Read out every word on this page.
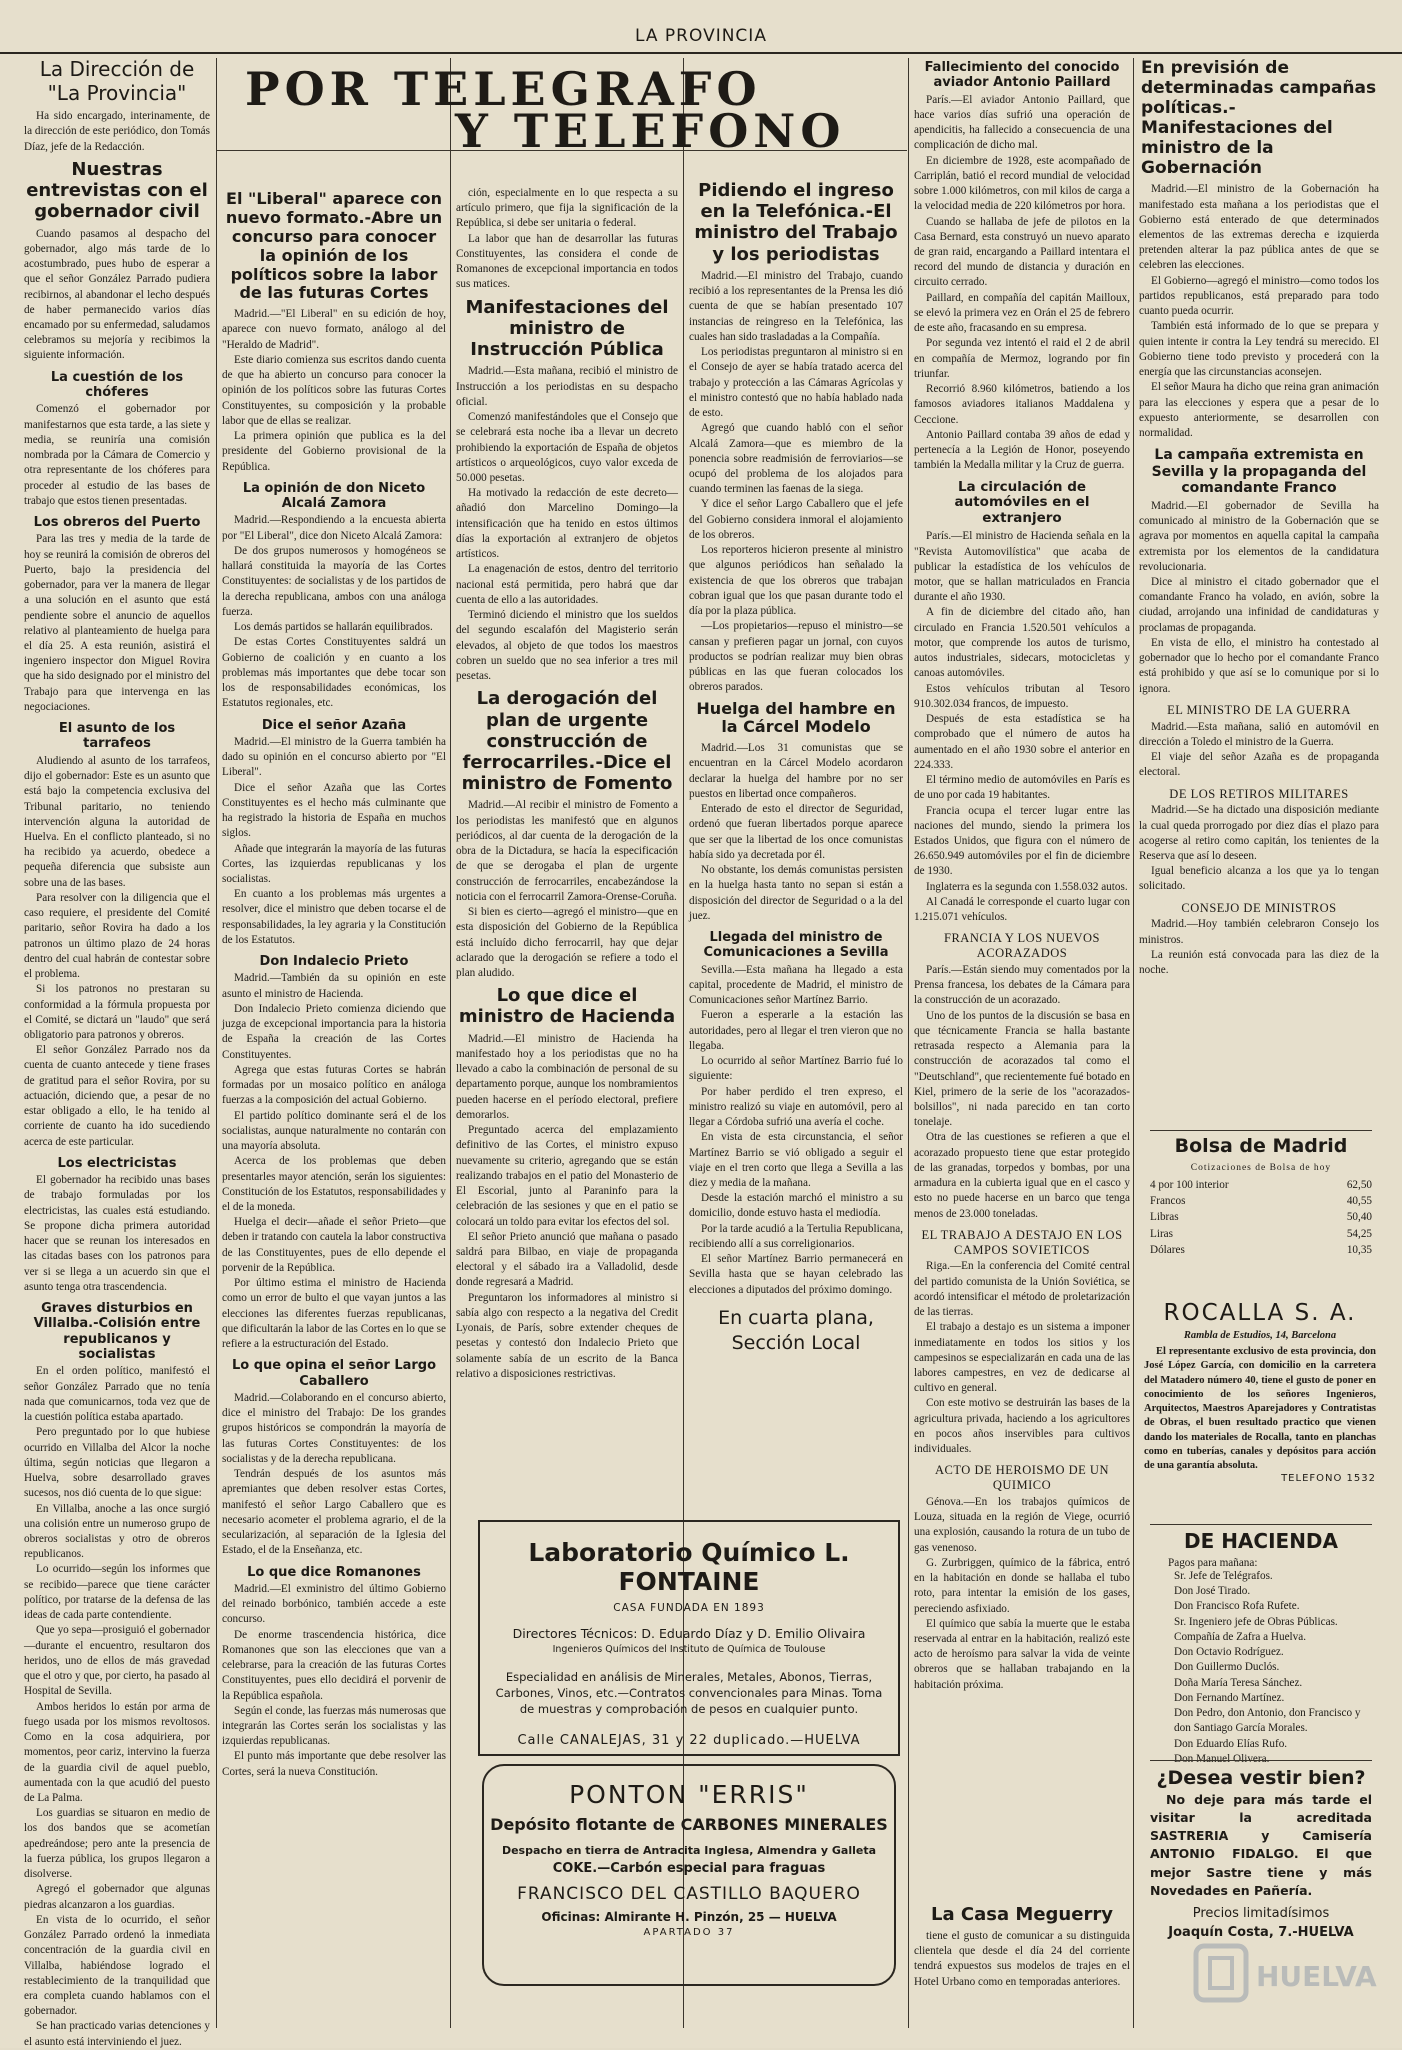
LA PROVINCIA
La Dirección de "La Provincia"

Ha sido encargado, interinamente, de la dirección de este periódico, don Tomás Díaz, jefe de la Redacción.

Nuestras entrevistas con el gobernador civil

Cuando pasamos al despacho del gobernador, algo más tarde de lo acostumbrado, pues hubo de esperar a que el señor González Parrado pudiera recibirnos, al abandonar el lecho después de haber permanecido varios días encamado por su enfermedad, saludamos celebramos su mejoría y recibimos la siguiente información.

La cuestión de los chóferes

Comenzó el gobernador por manifestarnos que esta tarde, a las siete y media, se reuniría una comisión nombrada por la Cámara de Comercio y otra representante de los chóferes para proceder al estudio de las bases de trabajo que estos tienen presentadas.

Los obreros del Puerto

Para las tres y media de la tarde de hoy se reunirá la comisión de obreros del Puerto, bajo la presidencia del gobernador, para ver la manera de llegar a una solución en el asunto que está pendiente sobre el anuncio de aquellos relativo al planteamiento de huelga para el día 25. A esta reunión, asistirá el ingeniero inspector don Miguel Rovira que ha sido designado por el ministro del Trabajo para que intervenga en las negociaciones.

El asunto de los tarrafeos

Aludiendo al asunto de los tarrafeos, dijo el gobernador: Este es un asunto que está bajo la competencia exclusiva del Tribunal paritario, no teniendo intervención alguna la autoridad de Huelva. En el conflicto planteado, si no ha recibido ya acuerdo, obedece a pequeña diferencia que subsiste aun sobre una de las bases.

Para resolver con la diligencia que el caso requiere, el presidente del Comité paritario, señor Rovira ha dado a los patronos un último plazo de 24 horas dentro del cual habrán de contestar sobre el problema.

Si los patronos no prestaran su conformidad a la fórmula propuesta por el Comité, se dictará un "laudo" que será obligatorio para patronos y obreros.

El señor González Parrado nos da cuenta de cuanto antecede y tiene frases de gratitud para el señor Rovira, por su actuación, diciendo que, a pesar de no estar obligado a ello, le ha tenido al corriente de cuanto ha ido sucediendo acerca de este particular.

Los electricistas

El gobernador ha recibido unas bases de trabajo formuladas por los electricistas, las cuales está estudiando. Se propone dicha primera autoridad hacer que se reunan los interesados en las citadas bases con los patronos para ver si se llega a un acuerdo sin que el asunto tenga otra trascendencia.

Graves disturbios en Villalba.-Colisión entre republicanos y socialistas

En el orden político, manifestó el señor González Parrado que no tenía nada que comunicarnos, toda vez que de la cuestión política estaba apartado.

Pero preguntado por lo que hubiese ocurrido en Villalba del Alcor la noche última, según noticias que llegaron a Huelva, sobre desarrollado graves sucesos, nos dió cuenta de lo que sigue:

En Villalba, anoche a las once surgió una colisión entre un numeroso grupo de obreros socialistas y otro de obreros republicanos.

Lo ocurrido—según los informes que se recibido—parece que tiene carácter político, por tratarse de la defensa de las ideas de cada parte contendiente.

Que yo sepa—prosiguió el gobernador—durante el encuentro, resultaron dos heridos, uno de ellos de más gravedad que el otro y que, por cierto, ha pasado al Hospital de Sevilla.

Ambos heridos lo están por arma de fuego usada por los mismos revoltosos. Como en la cosa adquiriera, por momentos, peor cariz, intervino la fuerza de la guardia civil de aquel pueblo, aumentada con la que acudió del puesto de La Palma.

Los guardias se situaron en medio de los dos bandos que se acometían apedreándose; pero ante la presencia de la fuerza pública, los grupos llegaron a disolverse.

Agregó el gobernador que algunas piedras alcanzaron a los guardias.

En vista de lo ocurrido, el señor González Parrado ordenó la inmediata concentración de la guardia civil en Villalba, habiéndose logrado el restablecimiento de la tranquilidad que era completa cuando hablamos con el gobernador.

Se han practicado varias detenciones y el asunto está interviniendo el juez.

POR TELEGRAFO
Y TELEFONO
El "Liberal" aparece con nuevo formato.-Abre un concurso para conocer la opinión de los políticos sobre la labor de las futuras Cortes

Madrid.—"El Liberal" en su edición de hoy, aparece con nuevo formato, análogo al del "Heraldo de Madrid".

Este diario comienza sus escritos dando cuenta de que ha abierto un concurso para conocer la opinión de los políticos sobre las futuras Cortes Constituyentes, su composición y la probable labor que de ellas se realizar.

La primera opinión que publica es la del presidente del Gobierno provisional de la República.

La opinión de don Niceto Alcalá Zamora

Madrid.—Respondiendo a la encuesta abierta por "El Liberal", dice don Niceto Alcalá Zamora:

De dos grupos numerosos y homogéneos se hallará constituida la mayoría de las Cortes Constituyentes: de socialistas y de los partidos de la derecha republicana, ambos con una análoga fuerza.

Los demás partidos se hallarán equilibrados.

De estas Cortes Constituyentes saldrá un Gobierno de coalición y en cuanto a los problemas más importantes que debe tocar son los de responsabilidades económicas, los Estatutos regionales, etc.

Dice el señor Azaña

Madrid.—El ministro de la Guerra también ha dado su opinión en el concurso abierto por "El Liberal".

Dice el señor Azaña que las Cortes Constituyentes es el hecho más culminante que ha registrado la historia de España en muchos siglos.

Añade que integrarán la mayoría de las futuras Cortes, las izquierdas republicanas y los socialistas.

En cuanto a los problemas más urgentes a resolver, dice el ministro que deben tocarse el de responsabilidades, la ley agraria y la Constitución de los Estatutos.

Don Indalecio Prieto

Madrid.—También da su opinión en este asunto el ministro de Hacienda.

Don Indalecio Prieto comienza diciendo que juzga de excepcional importancia para la historia de España la creación de las Cortes Constituyentes.

Agrega que estas futuras Cortes se habrán formadas por un mosaico político en análoga fuerzas a la composición del actual Gobierno.

El partido político dominante será el de los socialistas, aunque naturalmente no contarán con una mayoría absoluta.

Acerca de los problemas que deben presentarles mayor atención, serán los siguientes: Constitución de los Estatutos, responsabilidades y el de la moneda.

Huelga el decir—añade el señor Prieto—que deben ir tratando con cautela la labor constructiva de las Constituyentes, pues de ello depende el porvenir de la República.

Por último estima el ministro de Hacienda como un error de bulto el que vayan juntos a las elecciones las diferentes fuerzas republicanas, que dificultarán la labor de las Cortes en lo que se refiere a la estructuración del Estado.

Lo que opina el señor Largo Caballero

Madrid.—Colaborando en el concurso abierto, dice el ministro del Trabajo: De los grandes grupos históricos se compondrán la mayoría de las futuras Cortes Constituyentes: de los socialistas y de la derecha republicana.

Tendrán después de los asuntos más apremiantes que deben resolver estas Cortes, manifestó el señor Largo Caballero que es necesario acometer el problema agrario, el de la secularización, al separación de la Iglesia del Estado, el de la Enseñanza, etc.

Lo que dice Romanones

Madrid.—El exministro del último Gobierno del reinado borbónico, también accede a este concurso.

De enorme trascendencia histórica, dice Romanones que son las elecciones que van a celebrarse, para la creación de las futuras Cortes Constituyentes, pues ello decidirá el porvenir de la República española.

Según el conde, las fuerzas más numerosas que integrarán las Cortes serán los socialistas y las izquierdas republicanas.

El punto más importante que debe resolver las Cortes, será la nueva Constitución.

ción, especialmente en lo que respecta a su artículo primero, que fija la significación de la República, si debe ser unitaria o federal.

La labor que han de desarrollar las futuras Constituyentes, las considera el conde de Romanones de excepcional importancia en todos sus matices.

Manifestaciones del ministro de Instrucción Pública

Madrid.—Esta mañana, recibió el ministro de Instrucción a los periodistas en su despacho oficial.

Comenzó manifestándoles que el Consejo que se celebrará esta noche iba a llevar un decreto prohibiendo la exportación de España de objetos artísticos o arqueológicos, cuyo valor exceda de 50.000 pesetas.

Ha motivado la redacción de este decreto—añadió don Marcelino Domingo—la intensificación que ha tenido en estos últimos días la exportación al extranjero de objetos artísticos.

La enagenación de estos, dentro del territorio nacional está permitida, pero habrá que dar cuenta de ello a las autoridades.

Terminó diciendo el ministro que los sueldos del segundo escalafón del Magisterio serán elevados, al objeto de que todos los maestros cobren un sueldo que no sea inferior a tres mil pesetas.

La derogación del plan de urgente construcción de ferrocarriles.-Dice el ministro de Fomento

Madrid.—Al recibir el ministro de Fomento a los periodistas les manifestó que en algunos periódicos, al dar cuenta de la derogación de la obra de la Dictadura, se hacía la especificación de que se derogaba el plan de urgente construcción de ferrocarriles, encabezándose la noticia con el ferrocarril Zamora-Orense-Coruña.

Si bien es cierto—agregó el ministro—que en esta disposición del Gobierno de la República está incluído dicho ferrocarril, hay que dejar aclarado que la derogación se refiere a todo el plan aludido.

Lo que dice el ministro de Hacienda

Madrid.—El ministro de Hacienda ha manifestado hoy a los periodistas que no ha llevado a cabo la combinación de personal de su departamento porque, aunque los nombramientos pueden hacerse en el período electoral, prefiere demorarlos.

Preguntado acerca del emplazamiento definitivo de las Cortes, el ministro expuso nuevamente su criterio, agregando que se están realizando trabajos en el patio del Monasterio de El Escorial, junto al Paraninfo para la celebración de las sesiones y que en el patio se colocará un toldo para evitar los efectos del sol.

El señor Prieto anunció que mañana o pasado saldrá para Bilbao, en viaje de propaganda electoral y el sábado ira a Valladolid, desde donde regresará a Madrid.

Preguntaron los informadores al ministro si sabía algo con respecto a la negativa del Credit Lyonais, de París, sobre extender cheques de pesetas y contestó don Indalecio Prieto que solamente sabía de un escrito de la Banca relativo a disposiciones restrictivas.

Pidiendo el ingreso en la Telefónica.-El ministro del Trabajo y los periodistas

Madrid.—El ministro del Trabajo, cuando recibió a los representantes de la Prensa les dió cuenta de que se habían presentado 107 instancias de reingreso en la Telefónica, las cuales han sido trasladadas a la Compañía.

Los periodistas preguntaron al ministro si en el Consejo de ayer se había tratado acerca del trabajo y protección a las Cámaras Agrícolas y el ministro contestó que no había hablado nada de esto.

Agregó que cuando habló con el señor Alcalá Zamora—que es miembro de la ponencia sobre readmisión de ferroviarios—se ocupó del problema de los alojados para cuando terminen las faenas de la siega.

Y dice el señor Largo Caballero que el jefe del Gobierno considera inmoral el alojamiento de los obreros.

Los reporteros hicieron presente al ministro que algunos periódicos han señalado la existencia de que los obreros que trabajan cobran igual que los que pasan durante todo el día por la plaza pública.

—Los propietarios—repuso el ministro—se cansan y prefieren pagar un jornal, con cuyos productos se podrían realizar muy bien obras públicas en las que fueran colocados los obreros parados.

Huelga del hambre en la Cárcel Modelo

Madrid.—Los 31 comunistas que se encuentran en la Cárcel Modelo acordaron declarar la huelga del hambre por no ser puestos en libertad once compañeros.

Enterado de esto el director de Seguridad, ordenó que fueran libertados porque aparece que ser que la libertad de los once comunistas había sido ya decretada por él.

No obstante, los demás comunistas persisten en la huelga hasta tanto no sepan si están a disposición del director de Seguridad o a la del juez.

Llegada del ministro de Comunicaciones a Sevilla

Sevilla.—Esta mañana ha llegado a esta capital, procedente de Madrid, el ministro de Comunicaciones señor Martínez Barrio.

Fueron a esperarle a la estación las autoridades, pero al llegar el tren vieron que no llegaba.

Lo ocurrido al señor Martínez Barrio fué lo siguiente:

Por haber perdido el tren expreso, el ministro realizó su viaje en automóvil, pero al llegar a Córdoba sufrió una avería el coche.

En vista de esta circunstancia, el señor Martínez Barrio se vió obligado a seguir el viaje en el tren corto que llega a Sevilla a las diez y media de la mañana.

Desde la estación marchó el ministro a su domicilio, donde estuvo hasta el mediodía.

Por la tarde acudió a la Tertulia Republicana, recibiendo allí a sus correligionarios.

El señor Martínez Barrio permanecerá en Sevilla hasta que se hayan celebrado las elecciones a diputados del próximo domingo.

En cuarta plana, Sección Local
Laboratorio Químico L. FONTAINE
CASA FUNDADA EN 1893
Directores Técnicos: D. Eduardo Díaz y D. Emilio Olivaira
Ingenieros Químicos del Instituto de Química de Toulouse
Especialidad en análisis de Minerales, Metales, Abonos, Tierras, Carbones, Vinos, etc.—Contratos convencionales para Minas. Toma de muestras y comprobación de pesos en cualquier punto.
Calle CANALEJAS, 31 y 22 duplicado.—HUELVA
PONTON "ERRIS"
Depósito flotante de CARBONES MINERALES
Despacho en tierra de Antracita Inglesa, Almendra y Galleta
COKE.—Carbón especial para fraguas
FRANCISCO DEL CASTILLO BAQUERO
Oficinas: Almirante H. Pinzón, 25 — HUELVA
APARTADO 37
Fallecimiento del conocido aviador Antonio Paillard

París.—El aviador Antonio Paillard, que hace varios días sufrió una operación de apendicitis, ha fallecido a consecuencia de una complicación de dicho mal.

En diciembre de 1928, este acompañado de Carriplán, batió el record mundial de velocidad sobre 1.000 kilómetros, con mil kilos de carga a la velocidad media de 220 kilómetros por hora.

Cuando se hallaba de jefe de pilotos en la Casa Bernard, esta construyó un nuevo aparato de gran raid, encargando a Paillard intentara el record del mundo de distancia y duración en circuito cerrado.

Paillard, en compañía del capitán Mailloux, se elevó la primera vez en Orán el 25 de febrero de este año, fracasando en su empresa.

Por segunda vez intentó el raid el 2 de abril en compañía de Mermoz, logrando por fin triunfar.

Recorrió 8.960 kilómetros, batiendo a los famosos aviadores italianos Maddalena y Ceccione.

Antonio Paillard contaba 39 años de edad y pertenecía a la Legión de Honor, poseyendo también la Medalla militar y la Cruz de guerra.

La circulación de automóviles en el extranjero

París.—El ministro de Hacienda señala en la "Revista Automovilística" que acaba de publicar la estadística de los vehículos de motor, que se hallan matriculados en Francia durante el año 1930.

A fin de diciembre del citado año, han circulado en Francia 1.520.501 vehículos a motor, que comprende los autos de turismo, autos industriales, sidecars, motocicletas y canoas automóviles.

Estos vehículos tributan al Tesoro 910.302.034 francos, de impuesto.

Después de esta estadística se ha comprobado que el número de autos ha aumentado en el año 1930 sobre el anterior en 224.333.

El término medio de automóviles en París es de uno por cada 19 habitantes.

Francia ocupa el tercer lugar entre las naciones del mundo, siendo la primera los Estados Unidos, que figura con el número de 26.650.949 automóviles por el fin de diciembre de 1930.

Inglaterra es la segunda con 1.558.032 autos.

Al Canadá le corresponde el cuarto lugar con 1.215.071 vehículos.

FRANCIA Y LOS NUEVOS ACORAZADOS

París.—Están siendo muy comentados por la Prensa francesa, los debates de la Cámara para la construcción de un acorazado.

Uno de los puntos de la discusión se basa en que técnicamente Francia se halla bastante retrasada respecto a Alemania para la construcción de acorazados tal como el "Deutschland", que recientemente fué botado en Kiel, primero de la serie de los "acorazados-bolsillos", ni nada parecido en tan corto tonelaje.

Otra de las cuestiones se refieren a que el acorazado propuesto tiene que estar protegido de las granadas, torpedos y bombas, por una armadura en la cubierta igual que en el casco y esto no puede hacerse en un barco que tenga menos de 23.000 toneladas.

EL TRABAJO A DESTAJO EN LOS CAMPOS SOVIETICOS

Riga.—En la conferencia del Comité central del partido comunista de la Unión Soviética, se acordó intensificar el método de proletarización de las tierras.

El trabajo a destajo es un sistema a imponer inmediatamente en todos los sitios y los campesinos se especializarán en cada una de las labores campestres, en vez de dedicarse al cultivo en general.

Con este motivo se destruirán las bases de la agricultura privada, haciendo a los agricultores en pocos años inservibles para cultivos individuales.

ACTO DE HEROISMO DE UN QUIMICO

Génova.—En los trabajos químicos de Louza, situada en la región de Viege, ocurrió una explosión, causando la rotura de un tubo de gas venenoso.

G. Zurbriggen, químico de la fábrica, entró en la habitación en donde se hallaba el tubo roto, para intentar la emisión de los gases, pereciendo asfixiado.

El químico que sabía la muerte que le estaba reservada al entrar en la habitación, realizó este acto de heroísmo para salvar la vida de veinte obreros que se hallaban trabajando en la habitación próxima.

La Casa Meguerry

tiene el gusto de comunicar a su distinguida clientela que desde el día 24 del corriente tendrá expuestos sus modelos de trajes en el Hotel Urbano como en temporadas anteriores.

En previsión de determinadas campañas políticas.-Manifestaciones del ministro de la Gobernación

Madrid.—El ministro de la Gobernación ha manifestado esta mañana a los periodistas que el Gobierno está enterado de que determinados elementos de las extremas derecha e izquierda pretenden alterar la paz pública antes de que se celebren las elecciones.

El Gobierno—agregó el ministro—como todos los partidos republicanos, está preparado para todo cuanto pueda ocurrir.

También está informado de lo que se prepara y quien intente ir contra la Ley tendrá su merecido. El Gobierno tiene todo previsto y procederá con la energía que las circunstancias aconsejen.

El señor Maura ha dicho que reina gran animación para las elecciones y espera que a pesar de lo expuesto anteriormente, se desarrollen con normalidad.

La campaña extremista en Sevilla y la propaganda del comandante Franco

Madrid.—El gobernador de Sevilla ha comunicado al ministro de la Gobernación que se agrava por momentos en aquella capital la campaña extremista por los elementos de la candidatura revolucionaria.

Dice al ministro el citado gobernador que el comandante Franco ha volado, en avión, sobre la ciudad, arrojando una infinidad de candidaturas y proclamas de propaganda.

En vista de ello, el ministro ha contestado al gobernador que lo hecho por el comandante Franco está prohibido y que así se lo comunique por si lo ignora.

EL MINISTRO DE LA GUERRA

Madrid.—Esta mañana, salió en automóvil en dirección a Toledo el ministro de la Guerra.

El viaje del señor Azaña es de propaganda electoral.

DE LOS RETIROS MILITARES

Madrid.—Se ha dictado una disposición mediante la cual queda prorrogado por diez días el plazo para acogerse al retiro como capitán, los tenientes de la Reserva que así lo deseen.

Igual beneficio alcanza a los que ya lo tengan solicitado.

CONSEJO DE MINISTROS

Madrid.—Hoy también celebraron Consejo los ministros.

La reunión está convocada para las diez de la noche.

Bolsa de Madrid
Cotizaciones de Bolsa de hoy
4 por 100 interior	62,50
Francos	40,55
Libras	50,40
Liras	54,25
Dólares	10,35
ROCALLA S. A.
Rambla de Estudios, 14, Barcelona

El representante exclusivo de esta provincia, don José López García, con domicilio en la carretera del Matadero número 40, tiene el gusto de poner en conocimiento de los señores Ingenieros, Arquitectos, Maestros Aparejadores y Contratistas de Obras, el buen resultado practico que vienen dando los materiales de Rocalla, tanto en planchas como en tuberías, canales y depósitos para acción de una garantía absoluta.

TELEFONO 1532
DE HACIENDA
Pagos para mañana:
Sr. Jefe de Telégrafos.
Don José Tirado.
Don Francisco Rofa Rufete.
Sr. Ingeniero jefe de Obras Públicas.
Compañía de Zafra a Huelva.
Don Octavio Rodríguez.
Don Guillermo Duclós.
Doña María Teresa Sánchez.
Don Fernando Martínez.
Don Pedro, don Antonio, don Francisco y don Santiago García Morales.
Don Eduardo Elías Rufo.
Don Manuel Olivera.
¿Desea vestir bien?

No deje para más tarde el visitar la acreditada SASTRERIA y Camisería ANTONIO FIDALGO. El que mejor Sastre tiene y más Novedades en Pañería.

Precios limitadísimos
Joaquín Costa, 7.-HUELVA
HUELVA
